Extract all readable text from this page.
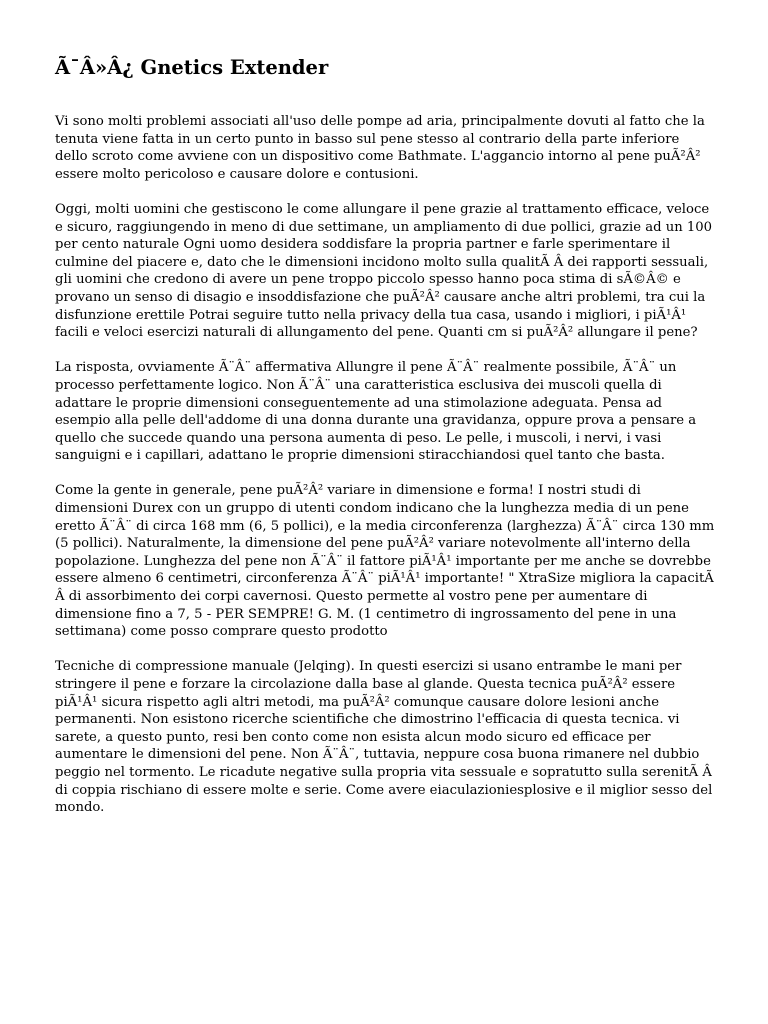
Ã¯Â»Â¿ Gnetics Extender

Vi sono molti problemi associati all'uso delle pompe ad aria, principalmente dovuti al fatto che la tenuta viene fatta in un certo punto in basso sul pene stesso al contrario della parte inferiore dello scroto come avviene con un dispositivo come Bathmate. L'aggancio intorno al pene puÃ²Â² essere molto pericoloso e causare dolore e contusioni.

Oggi, molti uomini che gestiscono le come allungare il pene grazie al trattamento efficace, veloce e sicuro, raggiungendo in meno di due settimane, un ampliamento di due pollici, grazie ad un 100 per cento naturale Ogni uomo desidera soddisfare la propria partner e farle sperimentare il culmine del piacere e, dato che le dimensioni incidono molto sulla qualitÃ Â dei rapporti sessuali, gli uomini che credono di avere un pene troppo piccolo spesso hanno poca stima di sÃ©Â© e provano un senso di disagio e insoddisfazione che puÃ²Â² causare anche altri problemi, tra cui la disfunzione erettile Potrai seguire tutto nella privacy della tua casa, usando i migliori, i piÃ¹Â¹ facili e veloci esercizi naturali di allungamento del pene. Quanti cm si puÃ²Â² allungare il pene?

La risposta, ovviamente Ã¨Â¨ affermativa Allungre il pene Ã¨Â¨ realmente possibile, Ã¨Â¨ un processo perfettamente logico. Non Ã¨Â¨ una caratteristica esclusiva dei muscoli quella di adattare le proprie dimensioni conseguentemente ad una stimolazione adeguata. Pensa ad esempio alla pelle dell'addome di una donna durante una gravidanza, oppure prova a pensare a quello che succede quando una persona aumenta di peso. Le pelle, i muscoli, i nervi, i vasi sanguigni e i capillari, adattano le proprie dimensioni stiracchiandosi quel tanto che basta.

Come la gente in generale, pene puÃ²Â² variare in dimensione e forma! I nostri studi di dimensioni Durex con un gruppo di utenti condom indicano che la lunghezza media di un pene eretto Ã¨Â¨ di circa 168 mm (6, 5 pollici), e la media circonferenza (larghezza) Ã¨Â¨ circa 130 mm (5 pollici). Naturalmente, la dimensione del pene puÃ²Â² variare notevolmente all'interno della popolazione. Lunghezza del pene non Ã¨Â¨ il fattore piÃ¹Â¹ importante per me anche se dovrebbe essere almeno 6 centimetri, circonferenza Ã¨Â¨ piÃ¹Â¹ importante! " XtraSize migliora la capacitÃ Â di assorbimento dei corpi cavernosi. Questo permette al vostro pene per aumentare di dimensione fino a 7, 5 - PER SEMPRE! G. M. (1 centimetro di ingrossamento del pene in una settimana) come posso comprare questo prodotto

Tecniche di compressione manuale (Jelqing). In questi esercizi si usano entrambe le mani per stringere il pene e forzare la circolazione dalla base al glande. Questa tecnica puÃ²Â² essere piÃ¹Â¹ sicura rispetto agli altri metodi, ma puÃ²Â² comunque causare dolore lesioni anche permanenti. Non esistono ricerche scientifiche che dimostrino l'efficacia di questa tecnica. vi sarete, a questo punto, resi ben conto come non esista alcun modo sicuro ed efficace per aumentare le dimensioni del pene. Non Ã¨Â¨, tuttavia, neppure cosa buona rimanere nel dubbio peggio nel tormento. Le ricadute negative sulla propria vita sessuale e sopratutto sulla serenitÃ Â di coppia rischiano di essere molte e serie. Come avere eiaculazioniesplosive e il miglior sesso del mondo.
